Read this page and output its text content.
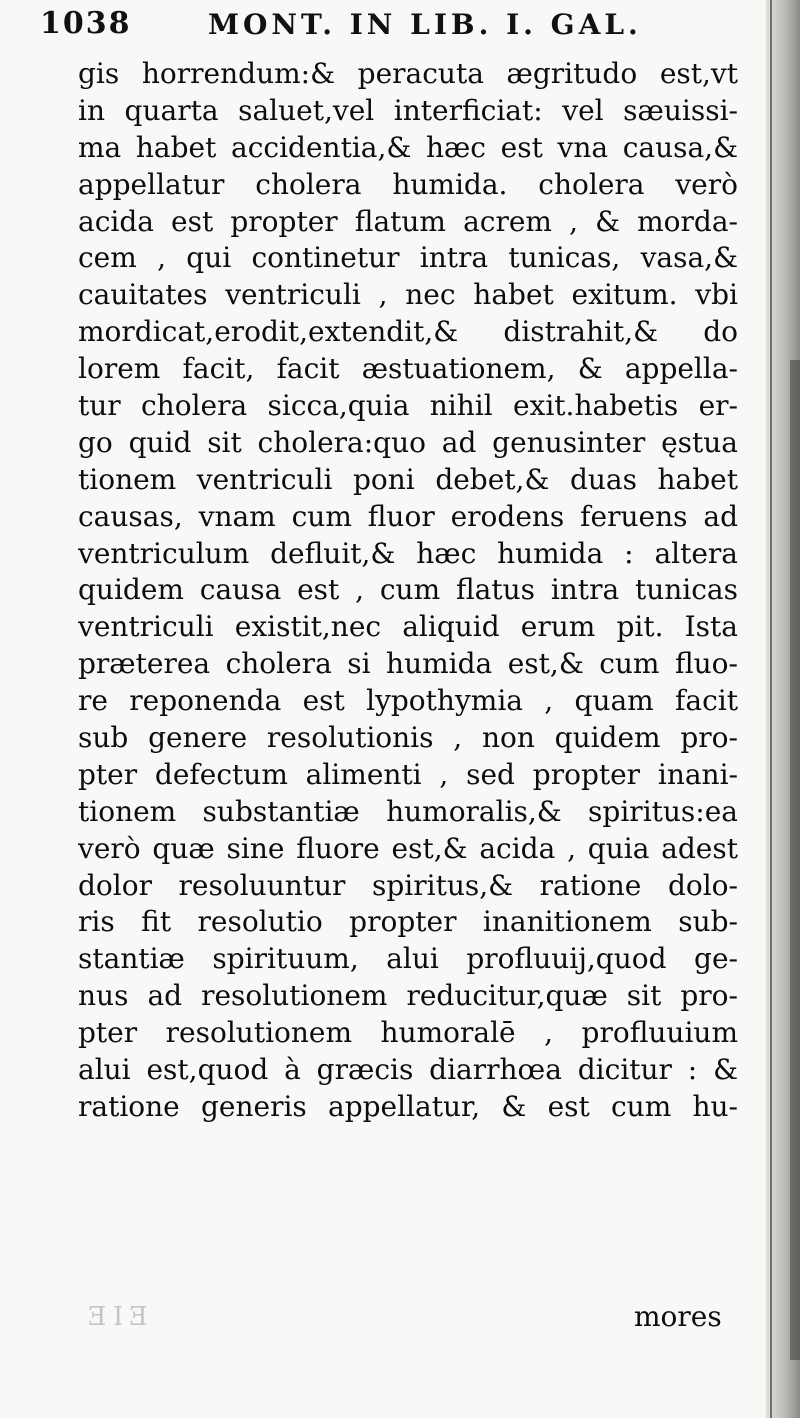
1038	MONT. IN LIB. I. GAL.
gis horrendum:& peracuta ægritudo est,vt
in quarta saluet,vel interficiat: vel sæuissi-
ma habet accidentia,& hæc est vna causa,&
appellatur cholera humida. cholera verò
acida est propter flatum acrem , & morda-
cem , qui continetur intra tunicas, vasa,&
cauitates ventriculi , nec habet exitum. vbi
mordicat,erodit,extendit,& distrahit,& do
lorem facit, facit æstuationem, & appella-
tur cholera sicca,quia nihil exit.habetis er-
go quid sit cholera:quo ad genusinter ęstua
tionem ventriculi poni debet,& duas habet
causas, vnam cum fluor erodens feruens ad
ventriculum defluit,& hæc humida : altera
quidem causa est , cum flatus intra tunicas
ventriculi existit,nec aliquid erum pit. Ista
præterea cholera si humida est,& cum fluo-
re reponenda est lypothymia , quam facit
sub genere resolutionis , non quidem pro-
pter defectum alimenti , sed propter inani-
tionem substantiæ humoralis,& spiritus:ea
verò quæ sine fluore est,& acida , quia adest
dolor resoluuntur spiritus,& ratione dolo-
ris fit resolutio propter inanitionem sub-
stantiæ spirituum, alui profluuij,quod ge-
nus ad resolutionem reducitur,quæ sit pro-
pter resolutionem humoralē , profluuium
alui est,quod à græcis diarrhœa dicitur : &
ratione generis appellatur, & est cum hu-
ƎIƎ	mores
